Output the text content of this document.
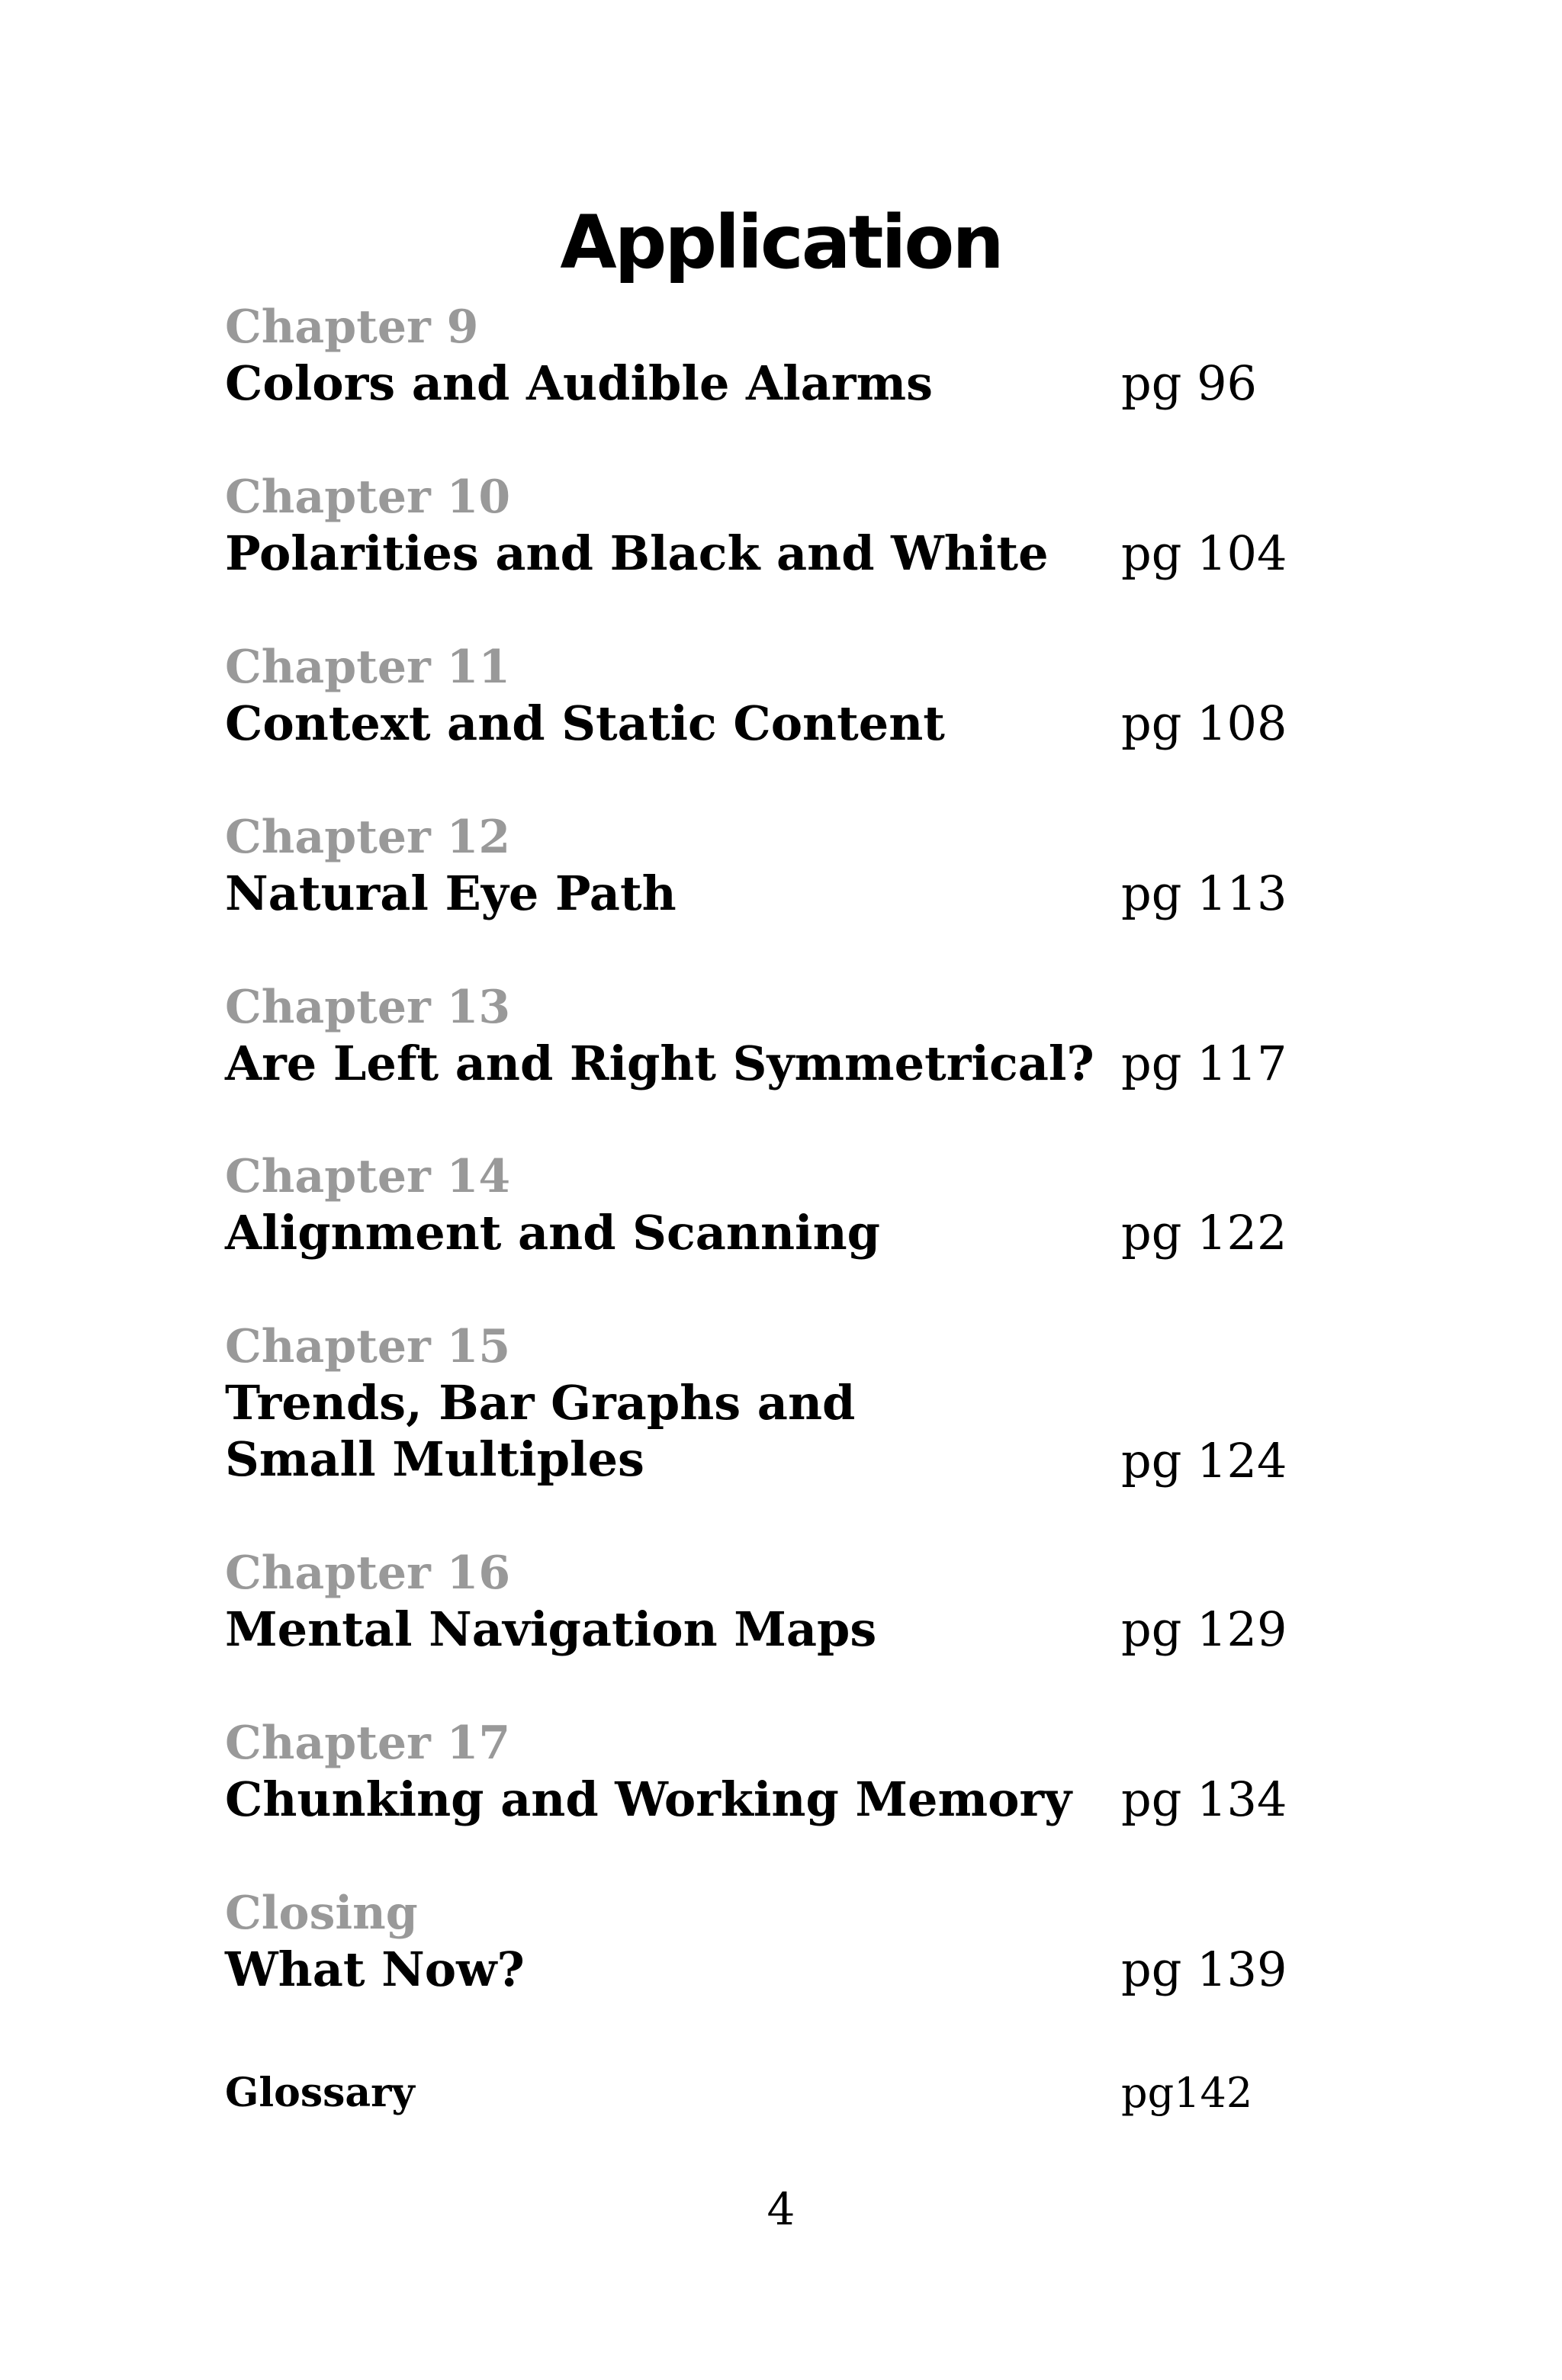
Application
Chapter 9
Colors and Audible Alarms	pg 96
Chapter 10
Polarities and Black and White pg 104
Chapter 11
Context and Static Content	pg 108
Chapter 12
Natural Eye Path	pg 113
Chapter 13
Are Left and Right Symmetrical? pg 117
Chapter 14
Alignment and Scanning	pg 122
Chapter 15
Trends, Bar Graphs and
Small Multiples	pg 124
Chapter 16
Mental Navigation Maps	pg 129
Chapter 17
Chunking and Working Memory pg 134
Closing
What Now?	pg 139
Glossary	pg142
4
